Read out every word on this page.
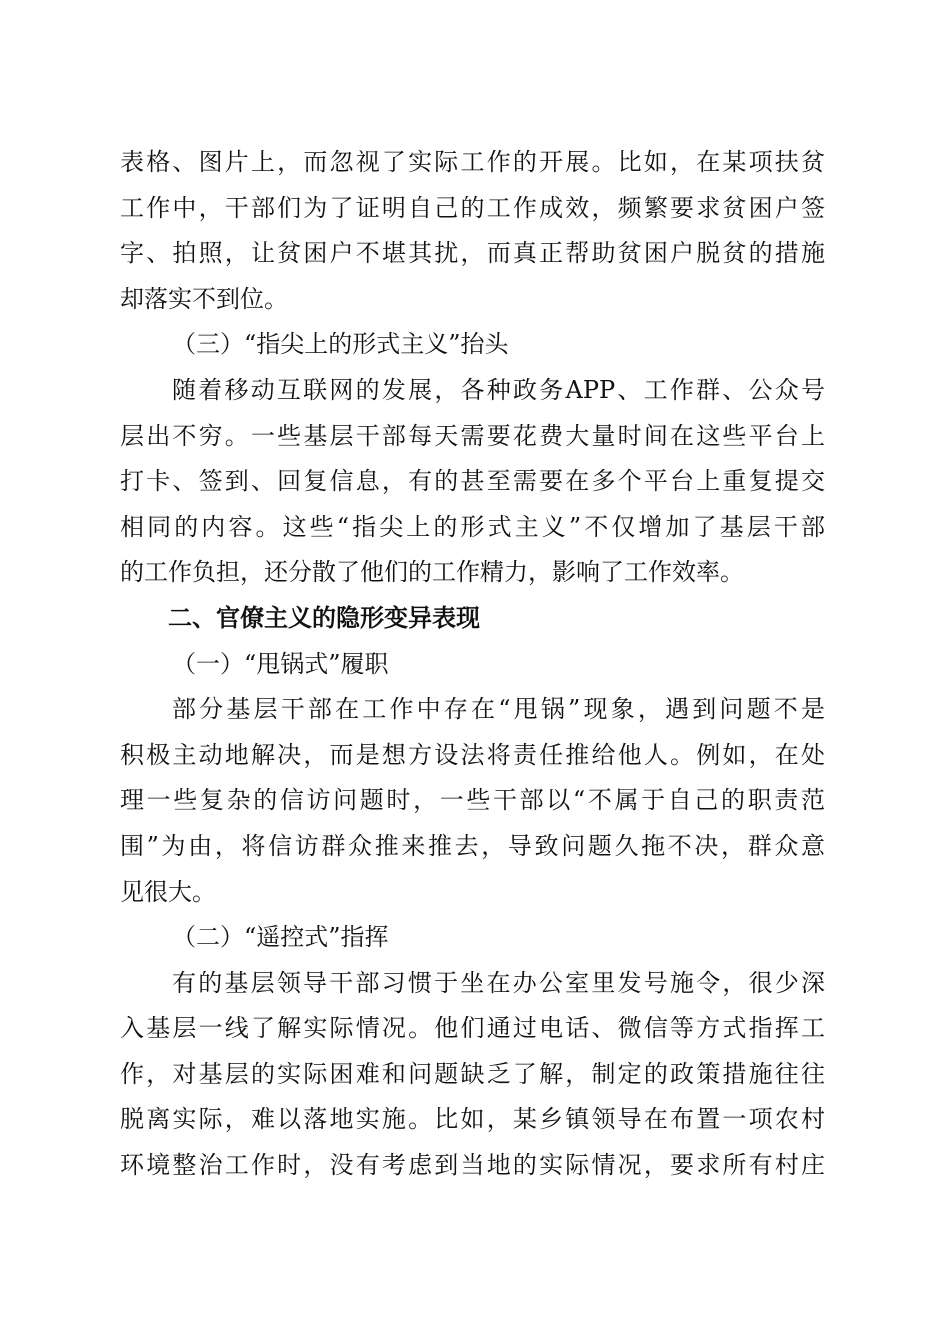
表格、图片上，而忽视了实际工作的开展。比如，在某项扶贫
工作中，干部们为了证明自己的工作成效，频繁要求贫困户签
字、拍照，让贫困户不堪其扰，而真正帮助贫困户脱贫的措施
却落实不到位。
（三）“指尖上的形式主义”抬头
随着移动互联网的发展，各种政务APP、工作群、公众号
层出不穷。一些基层干部每天需要花费大量时间在这些平台上
打卡、签到、回复信息，有的甚至需要在多个平台上重复提交
相同的内容。这些“指尖上的形式主义”不仅增加了基层干部
的工作负担，还分散了他们的工作精力，影响了工作效率。
二、官僚主义的隐形变异表现
（一）“甩锅式”履职
部分基层干部在工作中存在“甩锅”现象，遇到问题不是
积极主动地解决，而是想方设法将责任推给他人。例如，在处
理一些复杂的信访问题时，一些干部以“不属于自己的职责范
围”为由，将信访群众推来推去，导致问题久拖不决，群众意
见很大。
（二）“遥控式”指挥
有的基层领导干部习惯于坐在办公室里发号施令，很少深
入基层一线了解实际情况。他们通过电话、微信等方式指挥工
作，对基层的实际困难和问题缺乏了解，制定的政策措施往往
脱离实际，难以落地实施。比如，某乡镇领导在布置一项农村
环境整治工作时，没有考虑到当地的实际情况，要求所有村庄
